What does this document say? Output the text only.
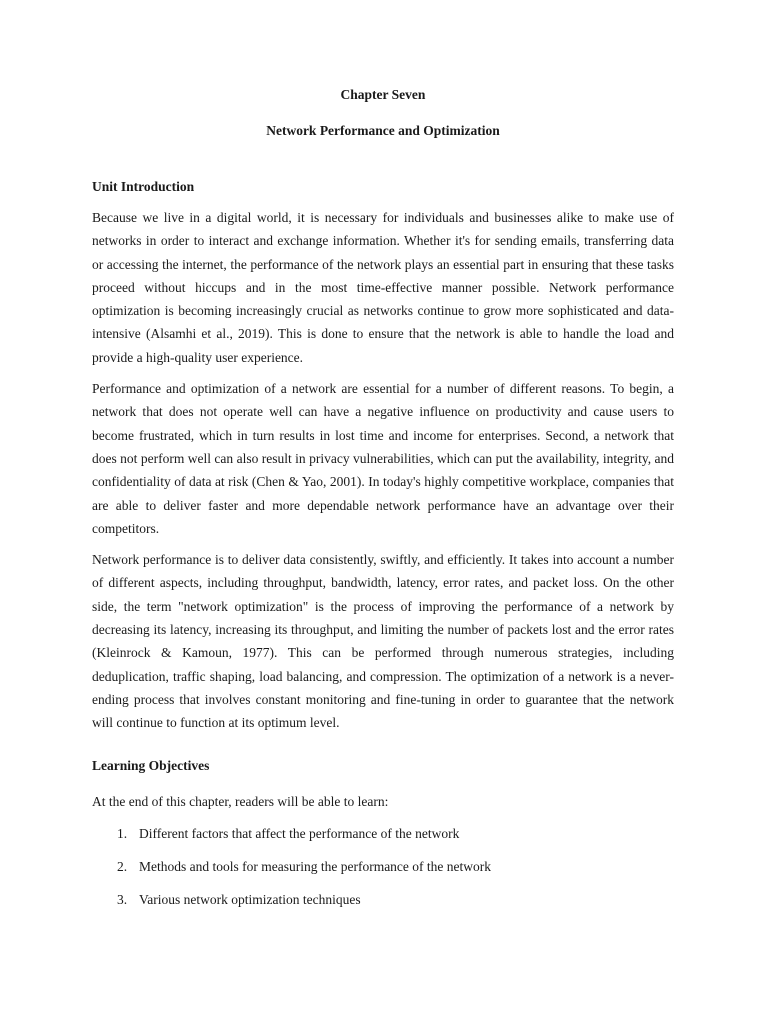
Chapter Seven
Network Performance and Optimization
Unit Introduction

Because we live in a digital world, it is necessary for individuals and businesses alike to make use of networks in order to interact and exchange information. Whether it's for sending emails, transferring data or accessing the internet, the performance of the network plays an essential part in ensuring that these tasks proceed without hiccups and in the most time-effective manner possible. Network performance optimization is becoming increasingly crucial as networks continue to grow more sophisticated and data-intensive (Alsamhi et al., 2019). This is done to ensure that the network is able to handle the load and provide a high-quality user experience.

Performance and optimization of a network are essential for a number of different reasons. To begin, a network that does not operate well can have a negative influence on productivity and cause users to become frustrated, which in turn results in lost time and income for enterprises. Second, a network that does not perform well can also result in privacy vulnerabilities, which can put the availability, integrity, and confidentiality of data at risk (Chen & Yao, 2001). In today's highly competitive workplace, companies that are able to deliver faster and more dependable network performance have an advantage over their competitors.

Network performance is to deliver data consistently, swiftly, and efficiently. It takes into account a number of different aspects, including throughput, bandwidth, latency, error rates, and packet loss. On the other side, the term "network optimization" is the process of improving the performance of a network by decreasing its latency, increasing its throughput, and limiting the number of packets lost and the error rates (Kleinrock & Kamoun, 1977). This can be performed through numerous strategies, including deduplication, traffic shaping, load balancing, and compression. The optimization of a network is a never-ending process that involves constant monitoring and fine-tuning in order to guarantee that the network will continue to function at its optimum level.

Learning Objectives

At the end of this chapter, readers will be able to learn:

1. Different factors that affect the performance of the network
2. Methods and tools for measuring the performance of the network
3. Various network optimization techniques
